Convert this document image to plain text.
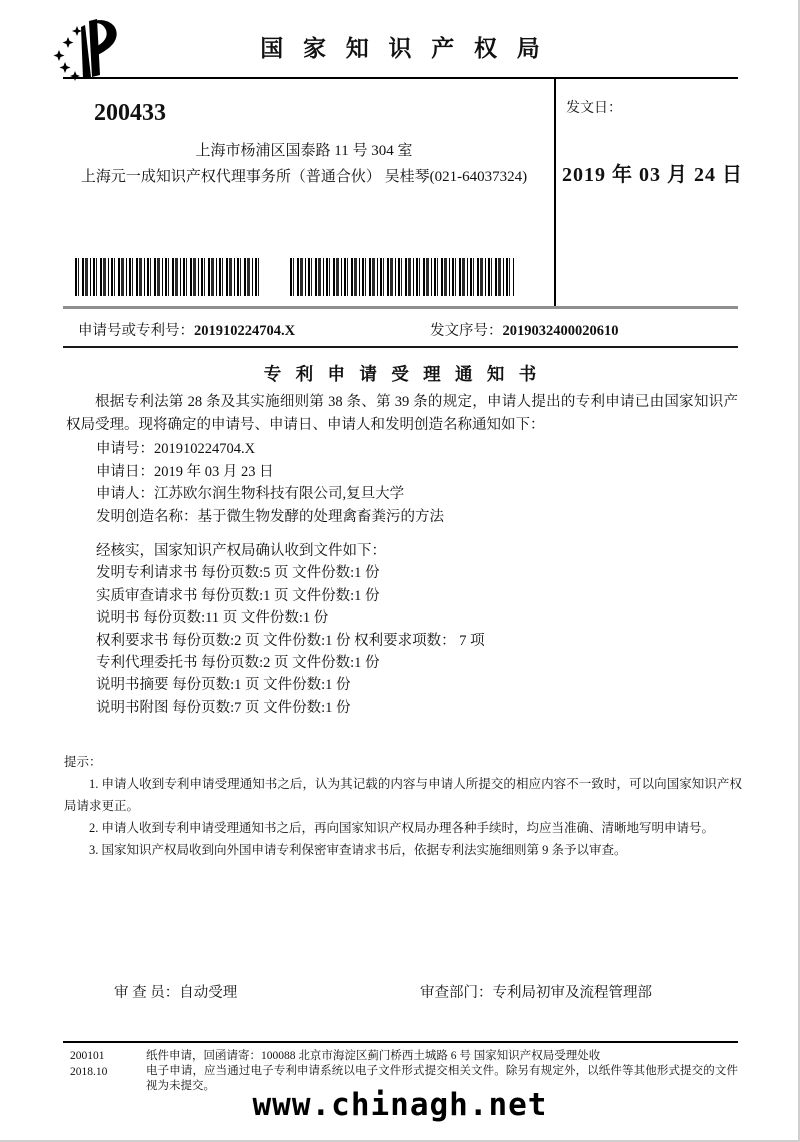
国 家 知 识 产 权 局
200433
上海市杨浦区国泰路 11 号 304 室
上海元一成知识产权代理事务所（普通合伙） 吴桂琴(021-64037324)
发文日：
2019 年 03 月 24 日
申请号或专利号：201910224704.X	发文序号：2019032400020610
专 利 申 请 受 理 通 知 书
根据专利法第 28 条及其实施细则第 38 条、第 39 条的规定，申请人提出的专利申请已由国家知识产权局受理。现将确定的申请号、申请日、申请人和发明创造名称通知如下：
申请号：201910224704.X
申请日：2019 年 03 月 23 日
申请人：江苏欧尔润生物科技有限公司,复旦大学
发明创造名称：基于微生物发酵的处理禽畜粪污的方法
经核实，国家知识产权局确认收到文件如下：
发明专利请求书 每份页数:5 页 文件份数:1 份
实质审查请求书 每份页数:1 页 文件份数:1 份
说明书 每份页数:11 页 文件份数:1 份
权利要求书 每份页数:2 页 文件份数:1 份 权利要求项数： 7 项
专利代理委托书 每份页数:2 页 文件份数:1 份
说明书摘要 每份页数:1 页 文件份数:1 份
说明书附图 每份页数:7 页 文件份数:1 份
提示：
1. 申请人收到专利申请受理通知书之后，认为其记载的内容与申请人所提交的相应内容不一致时，可以向国家知识产权局请求更正。
2. 申请人收到专利申请受理通知书之后，再向国家知识产权局办理各种手续时，均应当准确、清晰地写明申请号。
3. 国家知识产权局收到向外国申请专利保密审查请求书后，依据专利法实施细则第 9 条予以审查。
审 查 员：自动受理	审查部门：专利局初审及流程管理部
200101
2018.10
纸件申请，回函请寄：100088 北京市海淀区蓟门桥西土城路 6 号 国家知识产权局受理处收
电子申请，应当通过电子专利申请系统以电子文件形式提交相关文件。除另有规定外，以纸件等其他形式提交的文件视为未提交。
www.chinagh.net
